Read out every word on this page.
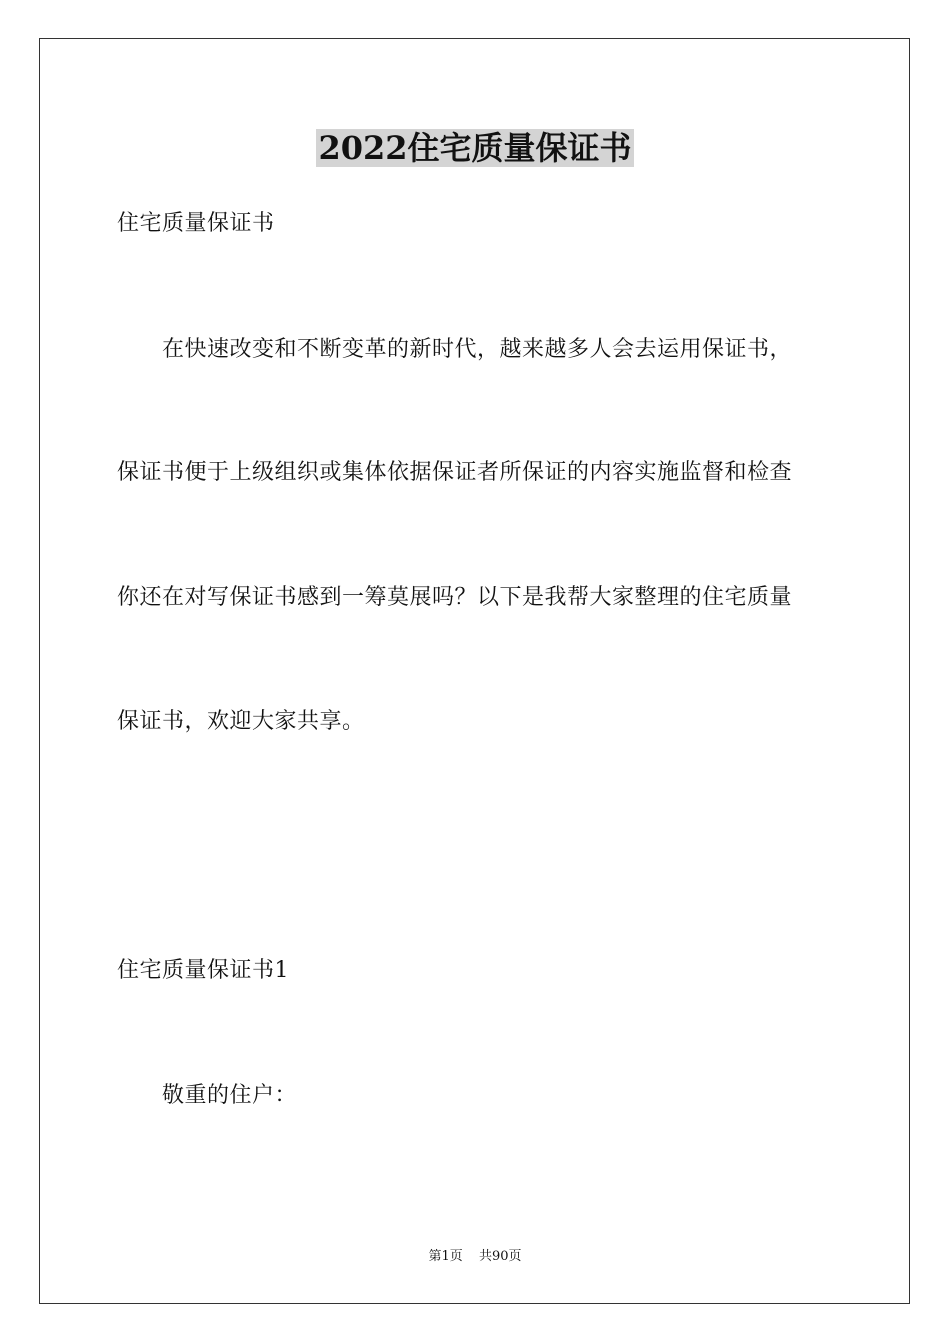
2022住宅质量保证书
住宅质量保证书
在快速改变和不断变革的新时代，越来越多人会去运用保证书，
保证书便于上级组织或集体依据保证者所保证的内容实施监督和检查
你还在对写保证书感到一筹莫展吗？以下是我帮大家整理的住宅质量
保证书，欢迎大家共享。
住宅质量保证书1
敬重的住户：
第1页 共90页
